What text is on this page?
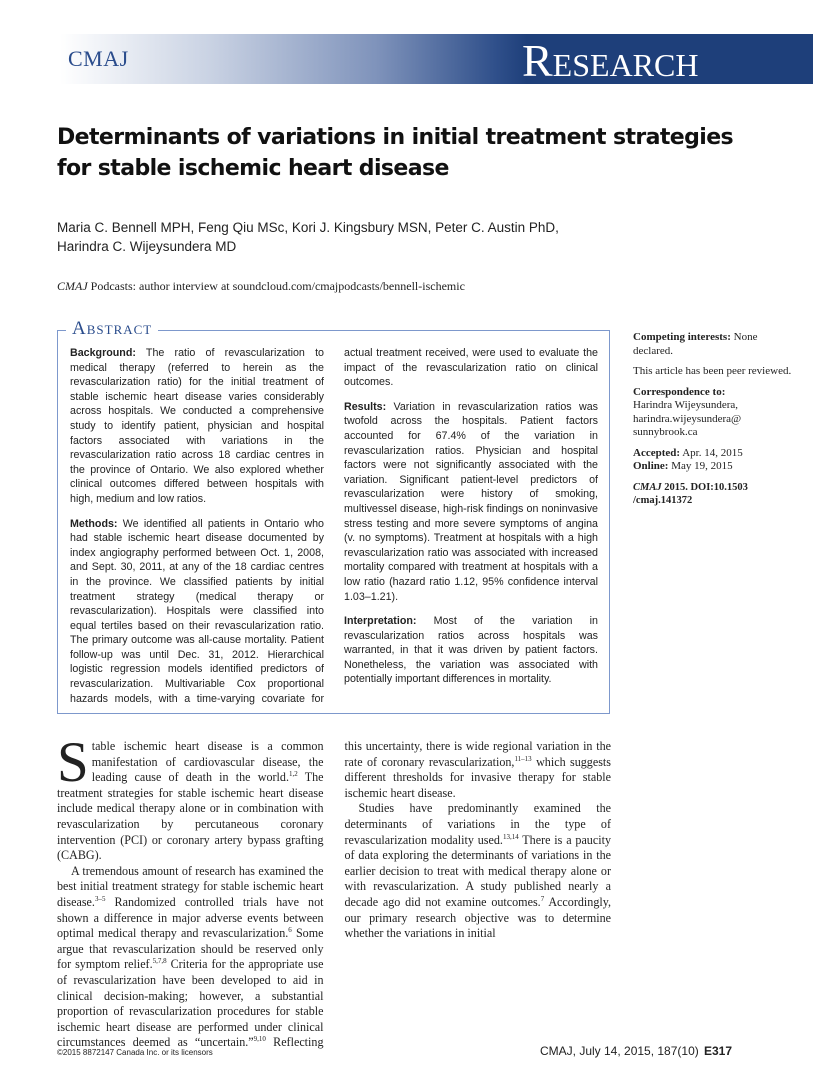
CMAJ	Research
Determinants of variations in initial treatment strategies for stable ischemic heart disease
Maria C. Bennell MPH, Feng Qiu MSc, Kori J. Kingsbury MSN, Peter C. Austin PhD,
Harindra C. Wijeysundera MD
CMAJ Podcasts: author interview at soundcloud.com/cmajpodcasts/bennell-ischemic
Abstract

Background: The ratio of revascularization to medical therapy (referred to herein as the revascularization ratio) for the initial treatment of stable ischemic heart disease varies considerably across hospitals. We conducted a comprehensive study to identify patient, physician and hospital factors associated with variations in the revascularization ratio across 18 cardiac centres in the province of Ontario. We also explored whether clinical outcomes differed between hospitals with high, medium and low ratios.

Methods: We identified all patients in Ontario who had stable ischemic heart disease documented by index angiography performed between Oct. 1, 2008, and Sept. 30, 2011, at any of the 18 cardiac centres in the province. We classified patients by initial treatment strategy (medical therapy or revascularization). Hospitals were classified into equal tertiles based on their revascularization ratio. The primary outcome was all-cause mortality. Patient follow-up was until Dec. 31, 2012. Hierarchical logistic regression models identified predictors of revascularization. Multivariable Cox proportional hazards models, with a time-varying covariate for actual treatment received, were used to evaluate the impact of the revascularization ratio on clinical outcomes.

Results: Variation in revascularization ratios was twofold across the hospitals. Patient factors accounted for 67.4% of the variation in revascularization ratios. Physician and hospital factors were not significantly associated with the variation. Significant patient-level predictors of revascularization were history of smoking, multivessel disease, high-risk findings on noninvasive stress testing and more severe symptoms of angina (v. no symptoms). Treatment at hospitals with a high revascularization ratio was associated with increased mortality compared with treatment at hospitals with a low ratio (hazard ratio 1.12, 95% confidence interval 1.03–1.21).

Interpretation: Most of the variation in revascularization ratios across hospitals was warranted, in that it was driven by patient factors. Nonetheless, the variation was associated with potentially important differences in mortality.

Competing interests: None declared.

This article has been peer reviewed.

Correspondence to:
Harindra Wijeysundera,
harindra.wijeysundera@ sunnybrook.ca

Accepted: Apr. 14, 2015
Online: May 19, 2015

CMAJ 2015. DOI:10.1503 /cmaj.141372

Stable ischemic heart disease is a common manifestation of cardiovascular disease, the leading cause of death in the world.$^{1,2}$ The treatment strategies for stable ischemic heart disease include medical therapy alone or in combination with revascularization by percutaneous coronary intervention (PCI) or coronary artery bypass grafting (CABG).

A tremendous amount of research has examined the best initial treatment strategy for stable ischemic heart disease.$^{3-5}$ Randomized controlled trials have not shown a difference in major adverse events between optimal medical therapy and revascularization.$^6$ Some argue that revascularization should be reserved only for symptom relief.$^{5,7,8}$ Criteria for the appropriate use of revascularization have been developed to aid in clinical decision-making; however, a substantial proportion of revascularization procedures for stable ischemic heart disease are performed under clinical circumstances deemed as “uncertain.”$^{9,10}$ Reflecting this uncertainty, there is wide regional variation in the rate of coronary revascularization,$^{11-13}$ which suggests different thresholds for invasive therapy for stable ischemic heart disease.

Studies have predominantly examined the determinants of variations in the type of revascularization modality used.$^{13,14}$ There is a paucity of data exploring the determinants of variations in the earlier decision to treat with medical therapy alone or with revascularization. A study published nearly a decade ago did not examine outcomes.$^7$ Accordingly, our primary research objective was to determine whether the variations in initial

©2015 8872147 Canada Inc. or its licensors	CMAJ, July 14, 2015, 187(10) E317
